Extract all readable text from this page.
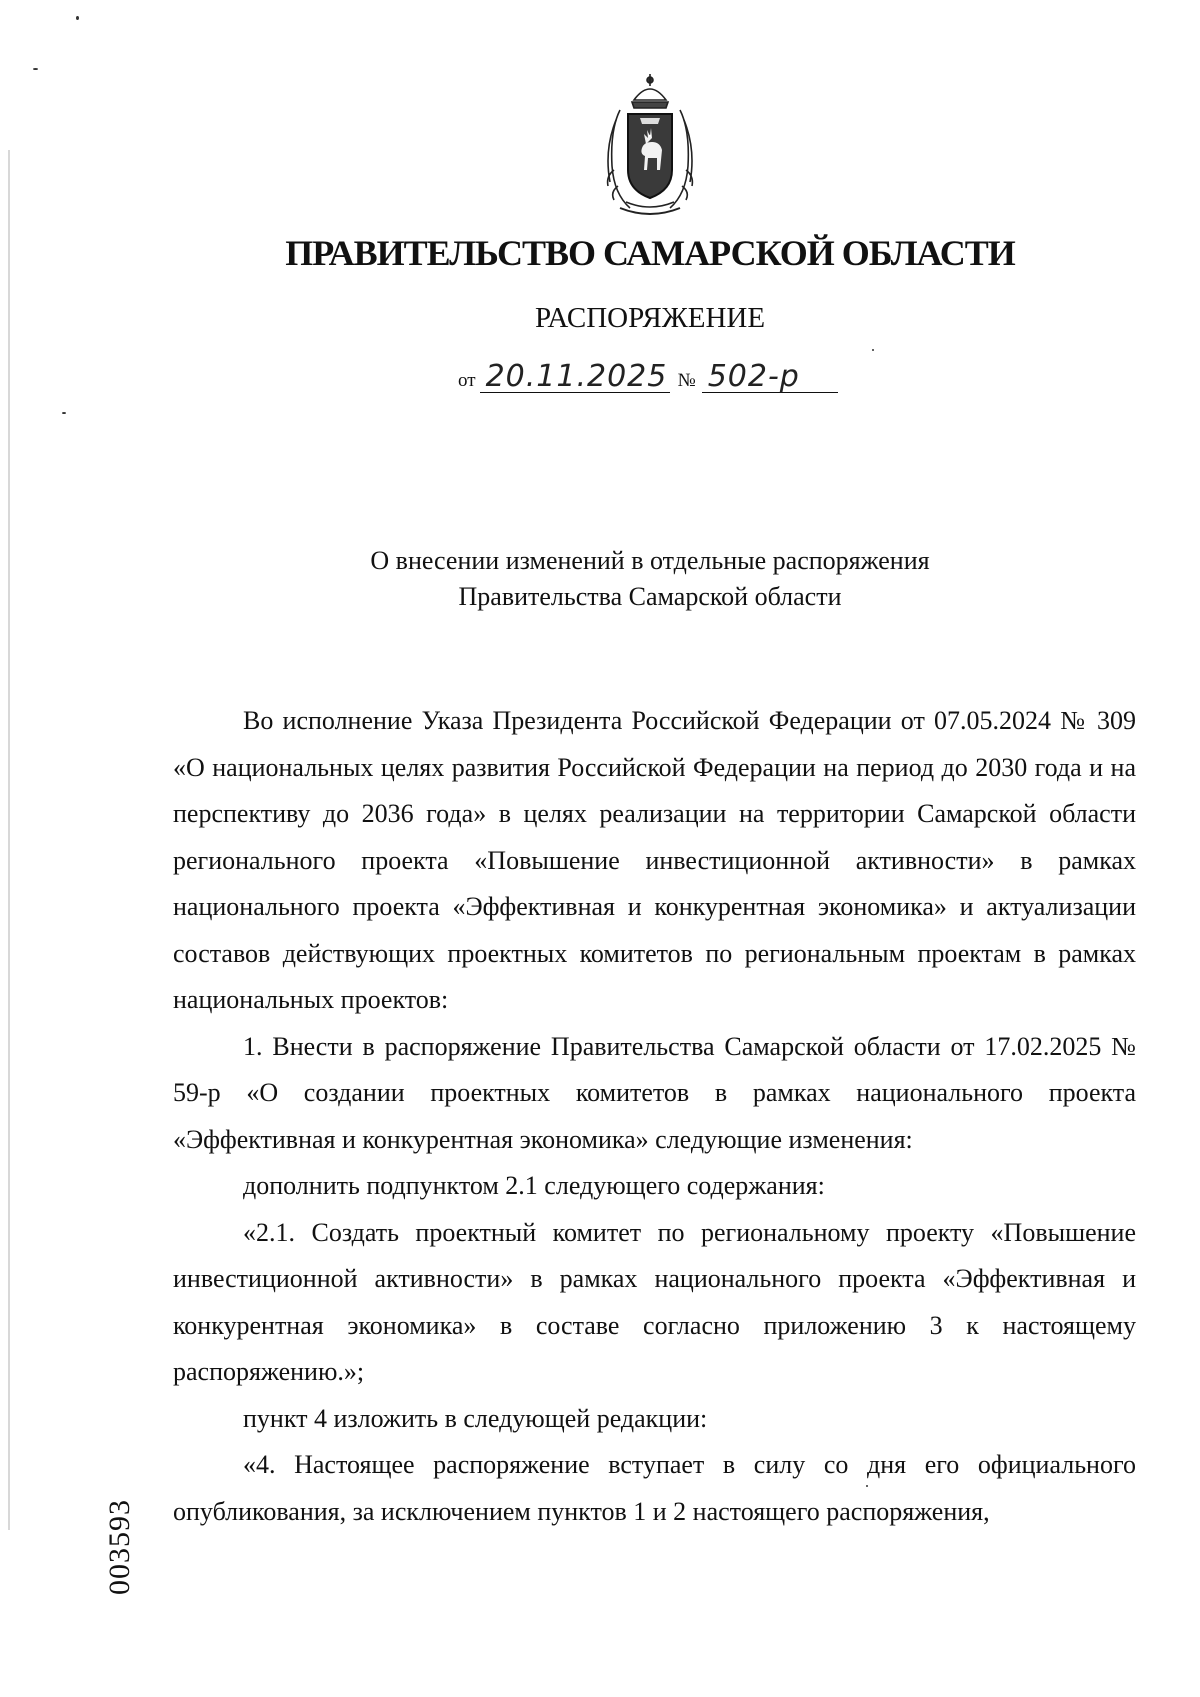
ПРАВИТЕЛЬСТВО САМАРСКОЙ ОБЛАСТИ
РАСПОРЯЖЕНИЕ
от 20.11.2025 № 502-р
О внесении изменений в отдельные распоряжения
Правительства Самарской области

Во исполнение Указа Президента Российской Федерации от 07.05.2024 № 309 «О национальных целях развития Российской Федерации на период до 2030 года и на перспективу до 2036 года» в целях реализации на территории Самарской области регионального проекта «Повышение инвестиционной активности» в рамках национального проекта «Эффективная и конкурентная экономика» и актуализации составов действующих проектных комитетов по региональным проектам в рамках национальных проектов:

1. Внести в распоряжение Правительства Самарской области от 17.02.2025 № 59-р «О создании проектных комитетов в рамках национального проекта «Эффективная и конкурентная экономика» следующие изменения:

дополнить подпунктом 2.1 следующего содержания:

«2.1. Создать проектный комитет по региональному проекту «Повышение инвестиционной активности» в рамках национального проекта «Эффективная и конкурентная экономика» в составе согласно приложению 3 к настоящему распоряжению.»;

пункт 4 изложить в следующей редакции:

«4. Настоящее распоряжение вступает в силу со дня его официального опубликования, за исключением пунктов 1 и 2 настоящего распоряжения,

003593
